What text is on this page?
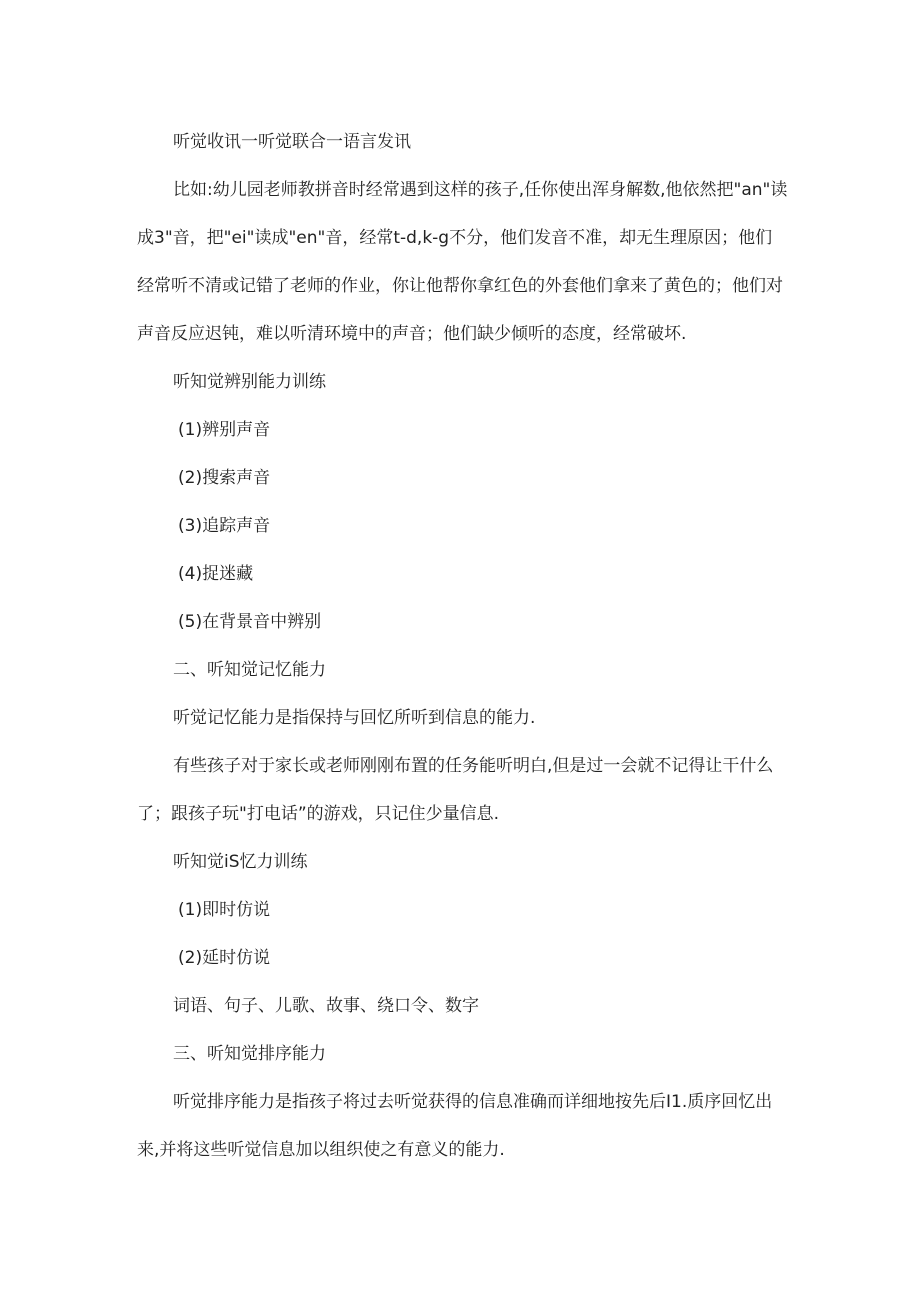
听觉收讯一听觉联合一语言发讯

比如:幼儿园老师教拼音时经常遇到这样的孩子,任你使出浑身解数,他依然把"an"读成3"音，把"ei"读成"en"音，经常t-d,k-g不分，他们发音不准，却无生理原因；他们经常听不清或记错了老师的作业，你让他帮你拿红色的外套他们拿来了黄色的；他们对声音反应迟钝，难以听清环境中的声音；他们缺少倾听的态度，经常破坏.

听知觉辨别能力训练

(1)辨别声音

(2)搜索声音

(3)追踪声音

(4)捉迷藏

(5)在背景音中辨别

二、听知觉记忆能力

听觉记忆能力是指保持与回忆所听到信息的能力.

有些孩子对于家长或老师刚刚布置的任务能听明白,但是过一会就不记得让干什么了；跟孩子玩"打电话”的游戏，只记住少量信息.

听知觉iS忆力训练

(1)即时仿说

(2)延时仿说

词语、句子、儿歌、故事、绕口令、数字

三、听知觉排序能力

听觉排序能力是指孩子将过去听觉获得的信息准确而详细地按先后I1.质序回忆出来,并将这些听觉信息加以组织使之有意义的能力.
